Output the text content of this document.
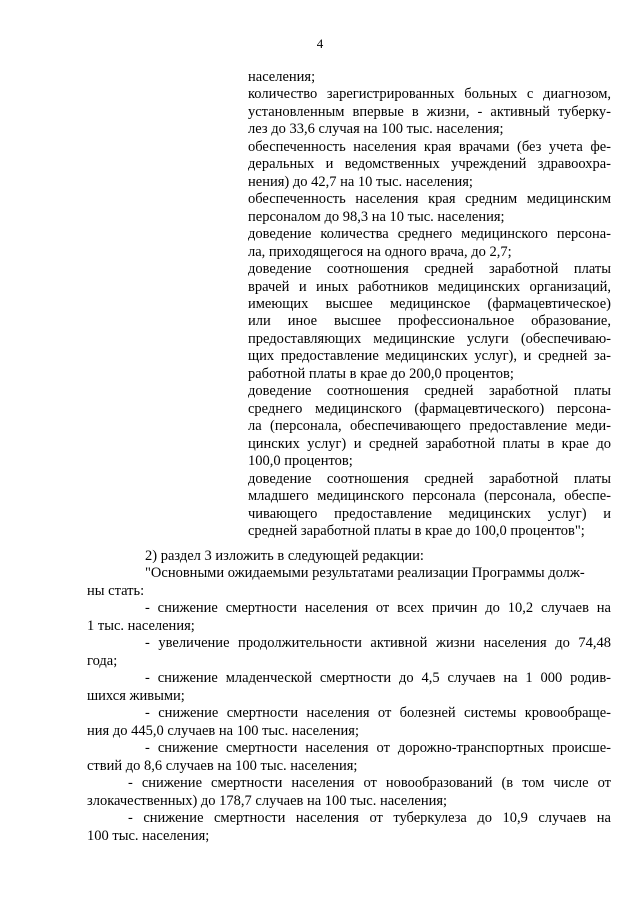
4
населения;
количество зарегистрированных больных с диагнозом,
установленным впервые в жизни, - активный туберку-
лез до 33,6 случая на 100 тыс. населения;
обеспеченность населения края врачами (без учета фе-
деральных и ведомственных учреждений здравоохра-
нения) до 42,7 на 10 тыс. населения;
обеспеченность населения края средним медицинским
персоналом до 98,3 на 10 тыс. населения;
доведение количества среднего медицинского персона-
ла, приходящегося на одного врача, до 2,7;
доведение соотношения средней заработной платы
врачей и иных работников медицинских организаций,
имеющих высшее медицинское (фармацевтическое)
или иное высшее профессиональное образование,
предоставляющих медицинские услуги (обеспечиваю-
щих предоставление медицинских услуг), и средней за-
работной платы в крае до 200,0 процентов;
доведение соотношения средней заработной платы
среднего медицинского (фармацевтического) персона-
ла (персонала, обеспечивающего предоставление меди-
цинских услуг) и средней заработной платы в крае до
100,0 процентов;
доведение соотношения средней заработной платы
младшего медицинского персонала (персонала, обеспе-
чивающего предоставление медицинских услуг) и
средней заработной платы в крае до 100,0 процентов";
2) раздел 3 изложить в следующей редакции:
"Основными ожидаемыми результатами реализации Программы долж-
ны стать:
- снижение смертности населения от всех причин до 10,2 случаев на
1 тыс. населения;
- увеличение продолжительности активной жизни населения до 74,48
года;
- снижение младенческой смертности до 4,5 случаев на 1 000 родив-
шихся живыми;
- снижение смертности населения от болезней системы кровообраще-
ния до 445,0 случаев на 100 тыс. населения;
- снижение смертности населения от дорожно-транспортных происше-
ствий до 8,6 случаев на 100 тыс. населения;
- снижение смертности населения от новообразований (в том числе от
злокачественных) до 178,7 случаев на 100 тыс. населения;
- снижение смертности населения от туберкулеза до 10,9 случаев на
100 тыс. населения;
